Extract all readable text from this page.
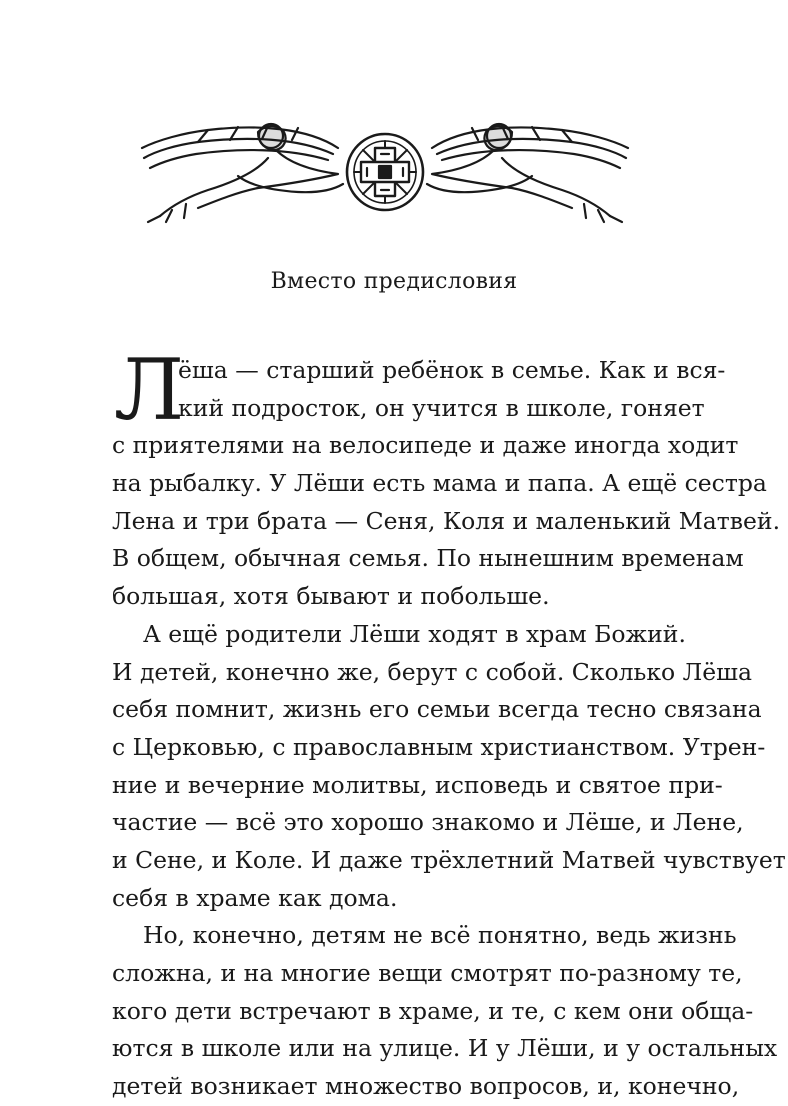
Вместо предисловия
Л
ёша — старший ребёнок в семье. Как и вся-
кий подросток, он учится в школе, гоняет
с приятелями на велосипеде и даже иногда ходит
на рыбалку. У Лёши есть мама и папа. А ещё сестра
Лена и три брата — Сеня, Коля и маленький Матвей.
В общем, обычная семья. По нынешним временам
большая, хотя бывают и побольше.
А ещё родители Лёши ходят в храм Божий.
И детей, конечно же, берут с собой. Сколько Лёша
себя помнит, жизнь его семьи всегда тесно связана
с Церковью, с православным христианством. Утрен-
ние и вечерние молитвы, исповедь и святое при-
частие — всё это хорошо знакомо и Лёше, и Лене,
и Сене, и Коле. И даже трёхлетний Матвей чувствует
себя в храме как дома.
Но, конечно, детям не всё понятно, ведь жизнь
сложна, и на многие вещи смотрят по-разному те,
кого дети встречают в храме, и те, с кем они обща-
ются в школе или на улице. И у Лёши, и у остальных
детей возникает множество вопросов, и, конечно,
